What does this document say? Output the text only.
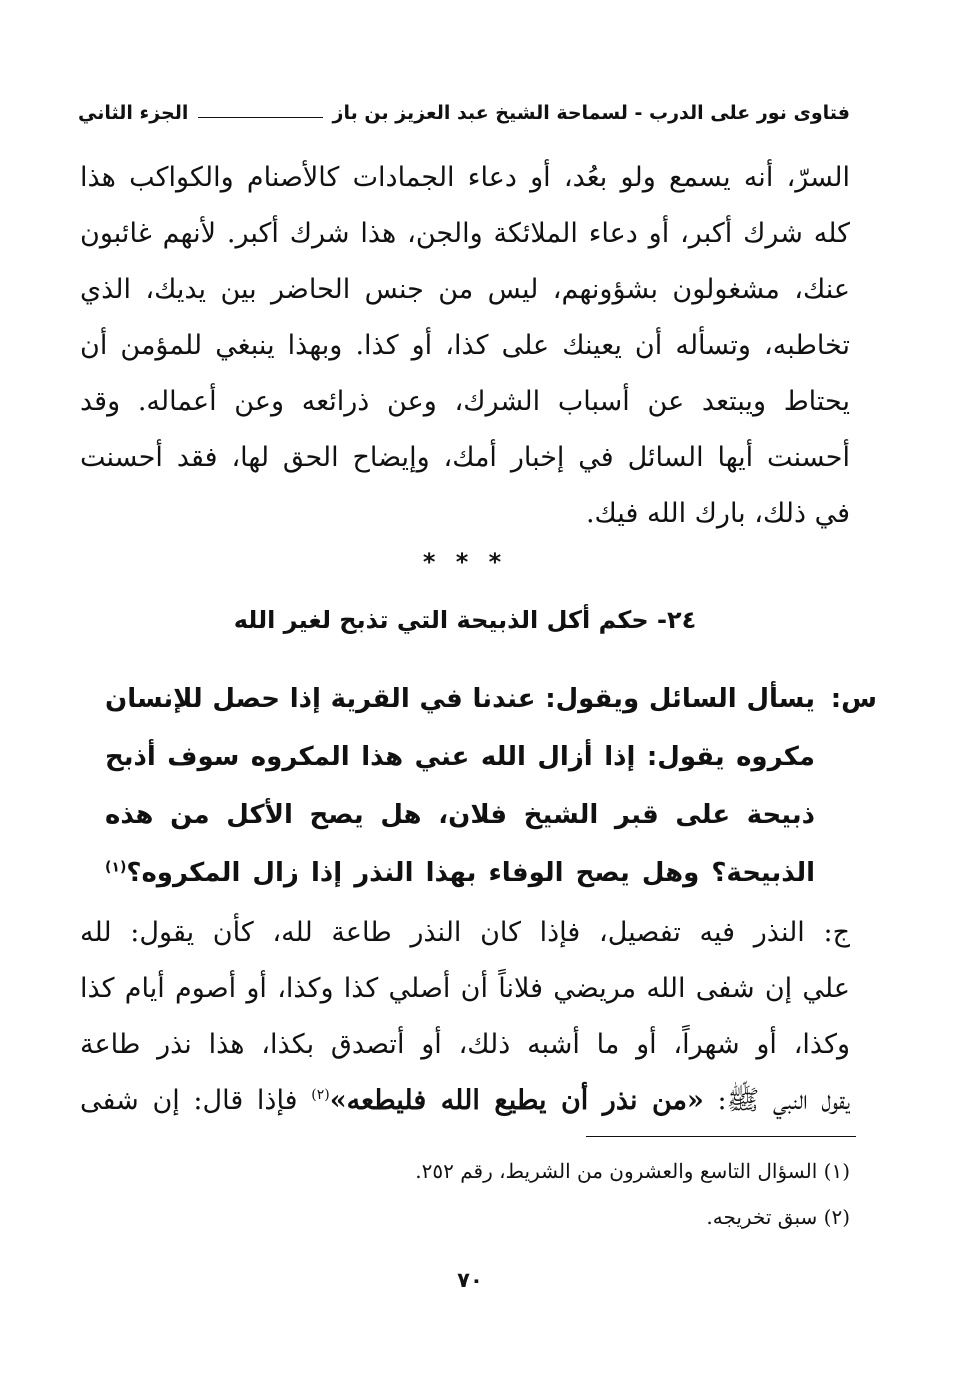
فتاوى نور على الدرب - لسماحة الشيخ عبد العزيز بن باز
الجزء الثاني
السرّ، أنه يسمع ولو بعُد، أو دعاء الجمادات كالأصنام والكواكب هذا
كله شرك أكبر، أو دعاء الملائكة والجن، هذا شرك أكبر. لأنهم غائبون
عنك، مشغولون بشؤونهم، ليس من جنس الحاضر بين يديك، الذي
تخاطبه، وتسأله أن يعينك على كذا، أو كذا. وبهذا ينبغي للمؤمن أن
يحتاط ويبتعد عن أسباب الشرك، وعن ذرائعه وعن أعماله. وقد
أحسنت أيها السائل في إخبار أمك، وإيضاح الحق لها، فقد أحسنت
في ذلك، بارك الله فيك.
* * *
٢٤- حكم أكل الذبيحة التي تذبح لغير الله
س:
يسأل السائل ويقول: عندنا في القرية إذا حصل للإنسان
مكروه يقول: إذا أزال الله عني هذا المكروه سوف أذبح
ذبيحة على قبر الشيخ فلان، هل يصح الأكل من هذه
الذبيحة؟ وهل يصح الوفاء بهذا النذر إذا زال المكروه؟$^{(١)}$
ج: النذر فيه تفصيل، فإذا كان النذر طاعة لله، كأن يقول: لله
علي إن شفى الله مريضي فلاناً أن أصلي كذا وكذا، أو أصوم أيام كذا
وكذا، أو شهراً، أو ما أشبه ذلك، أو أتصدق بكذا، هذا نذر طاعة
يقول النبي ﷺ: «من نذر أن يطيع الله فليطعه»$^{(٢)}$ فإذا قال: إن شفى
(١) السؤال التاسع والعشرون من الشريط، رقم ٢٥٢.
(٢) سبق تخريجه.
٧٠
